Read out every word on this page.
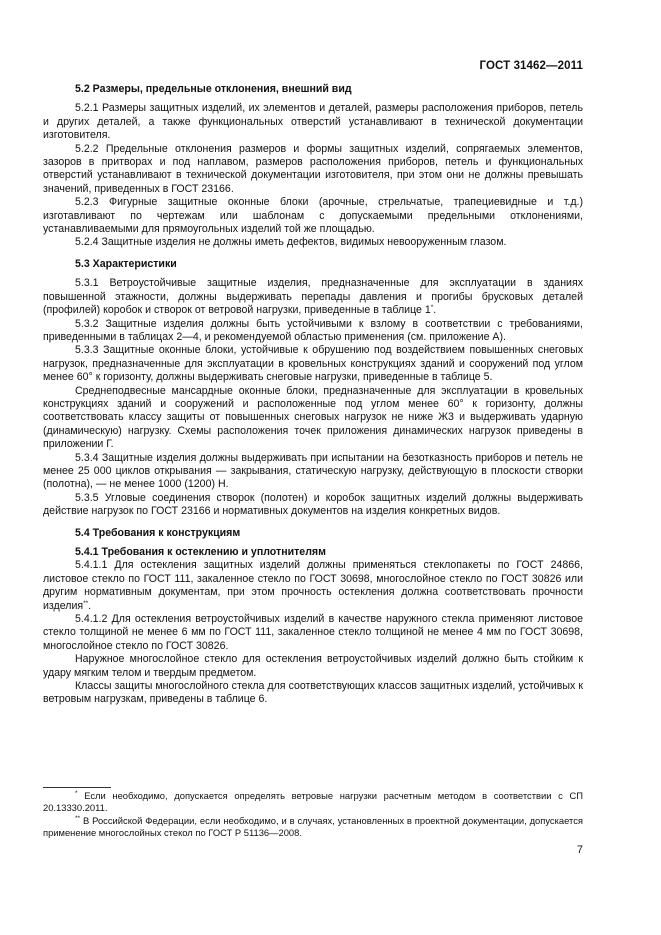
ГОСТ 31462—2011

5.2 Размеры, предельные отклонения, внешний вид

5.2.1 Размеры защитных изделий, их элементов и деталей, размеры расположения приборов, петель и других деталей, а также функциональных отверстий устанавливают в технической документации изготовителя.

5.2.2 Предельные отклонения размеров и формы защитных изделий, сопрягаемых элементов, зазоров в притворах и под наплавом, размеров расположения приборов, петель и функциональных отверстий устанавливают в технической документации изготовителя, при этом они не должны превышать значений, приведенных в ГОСТ 23166.

5.2.3 Фигурные защитные оконные блоки (арочные, стрельчатые, трапециевидные и т.д.) изготавливают по чертежам или шаблонам с допускаемыми предельными отклонениями, устанавливаемыми для прямоугольных изделий той же площадью.

5.2.4 Защитные изделия не должны иметь дефектов, видимых невооруженным глазом.

5.3 Характеристики

5.3.1 Ветроустойчивые защитные изделия, предназначенные для эксплуатации в зданиях повышенной этажности, должны выдерживать перепады давления и прогибы брусковых деталей (профилей) коробок и створок от ветровой нагрузки, приведенные в таблице 1*.

5.3.2 Защитные изделия должны быть устойчивыми к взлому в соответствии с требованиями, приведенными в таблицах 2—4, и рекомендуемой областью применения (см. приложение А).

5.3.3 Защитные оконные блоки, устойчивые к обрушению под воздействием повышенных снеговых нагрузок, предназначенные для эксплуатации в кровельных конструкциях зданий и сооружений под углом менее 60° к горизонту, должны выдерживать снеговые нагрузки, приведенные в таблице 5.

Среднеподвесные мансардные оконные блоки, предназначенные для эксплуатации в кровельных конструкциях зданий и сооружений и расположенные под углом менее 60° к горизонту, должны соответствовать классу защиты от повышенных снеговых нагрузок не ниже Ж3 и выдерживать ударную (динамическую) нагрузку. Схемы расположения точек приложения динамических нагрузок приведены в приложении Г.

5.3.4 Защитные изделия должны выдерживать при испытании на безотказность приборов и петель не менее 25 000 циклов открывания — закрывания, статическую нагрузку, действующую в плоскости створки (полотна), — не менее 1000 (1200) Н.

5.3.5 Угловые соединения створок (полотен) и коробок защитных изделий должны выдерживать действие нагрузок по ГОСТ 23166 и нормативных документов на изделия конкретных видов.

5.4 Требования к конструкциям

5.4.1 Требования к остеклению и уплотнителям

5.4.1.1 Для остекления защитных изделий должны применяться стеклопакеты по ГОСТ 24866, листовое стекло по ГОСТ 111, закаленное стекло по ГОСТ 30698, многослойное стекло по ГОСТ 30826 или другим нормативным документам, при этом прочность остекления должна соответствовать прочности изделия**.

5.4.1.2 Для остекления ветроустойчивых изделий в качестве наружного стекла применяют листовое стекло толщиной не менее 6 мм по ГОСТ 111, закаленное стекло толщиной не менее 4 мм по ГОСТ 30698, многослойное стекло по ГОСТ 30826.

Наружное многослойное стекло для остекления ветроустойчивых изделий должно быть стойким к удару мягким телом и твердым предметом.

Классы защиты многослойного стекла для соответствующих классов защитных изделий, устойчивых к ветровым нагрузкам, приведены в таблице 6.

* Если необходимо, допускается определять ветровые нагрузки расчетным методом в соответствии с СП 20.13330.2011.

** В Российской Федерации, если необходимо, и в случаях, установленных в проектной документации, допускается применение многослойных стекол по ГОСТ Р 51136—2008.

7
